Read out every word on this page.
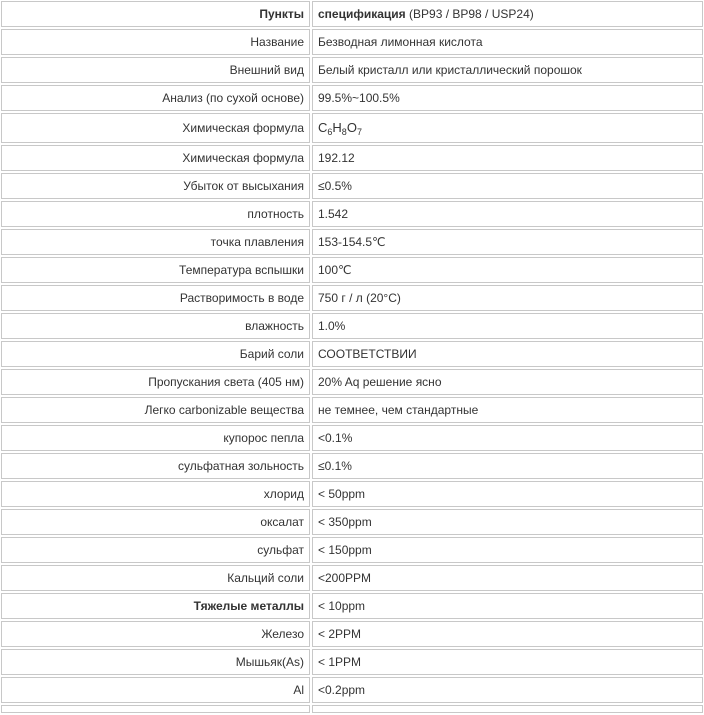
Пункты	спецификация (BP93 / BP98 / USP24)
Название	Безводная лимонная кислота
Внешний вид	Белый кристалл или кристаллический порошок
Анализ (по сухой основе)	99.5%~100.5%
Химическая формула	$C_6H_8O_7$
Химическая формула	192.12
Убыток от высыхания	≤0.5%
плотность	1.542
точка плавления	153-154.5℃
Температура вспышки	100℃
Растворимость в воде	750 г / л (20°C)
влажность	1.0%
Барий соли	СООТВЕТСТВИИ
Пропускания света (405 нм)	20% Aq решение ясно
Легко carbonizable вещества	не темнее, чем стандартные
купорос пепла	<0.1%
сульфатная зольность	≤0.1%
хлорид	< 50ppm
оксалат	< 350ppm
сульфат	< 150ppm
Кальций соли	<200PPM
Тяжелые металлы	< 10ppm
Железо	< 2PPM
Мышьяк(As)	< 1PPM
Al	<0.2ppm
